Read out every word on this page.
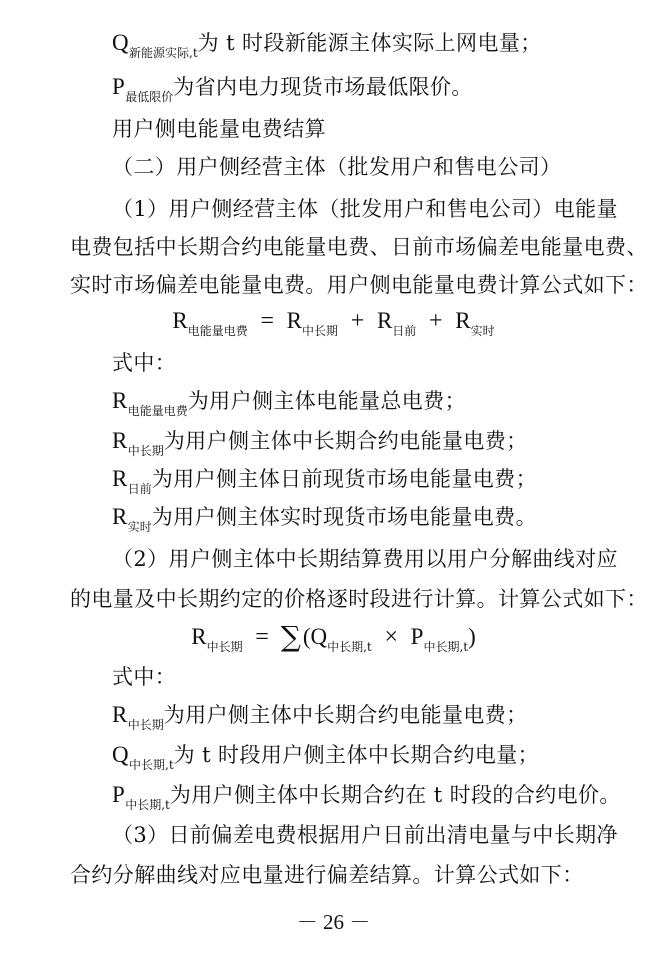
$Q_{新能源实际,t}$为 t 时段新能源主体实际上网电量；
$P_{最低限价}$为省内电力现货市场最低限价。
用户侧电能量电费结算
（二）用户侧经营主体（批发用户和售电公司）
（1）用户侧经营主体（批发用户和售电公司）电能量
电费包括中长期合约电能量电费、日前市场偏差电能量电费、
实时市场偏差电能量电费。用户侧电能量电费计算公式如下：
$R_{电能量电费} = R_{中长期} + R_{日前} + R_{实时}$
式中：
$R_{电能量电费}$为用户侧主体电能量总电费；
$R_{中长期}$为用户侧主体中长期合约电能量电费；
$R_{日前}$为用户侧主体日前现货市场电能量电费；
$R_{实时}$为用户侧主体实时现货市场电能量电费。
（2）用户侧主体中长期结算费用以用户分解曲线对应
的电量及中长期约定的价格逐时段进行计算。计算公式如下：
$R_{中长期} = \sum(Q_{中长期,t} \times P_{中长期,t})$
式中：
$R_{中长期}$为用户侧主体中长期合约电能量电费；
$Q_{中长期,t}$为 t 时段用户侧主体中长期合约电量；
$P_{中长期,t}$为用户侧主体中长期合约在 t 时段的合约电价。
（3）日前偏差电费根据用户日前出清电量与中长期净
合约分解曲线对应电量进行偏差结算。计算公式如下：
－ 26 －
